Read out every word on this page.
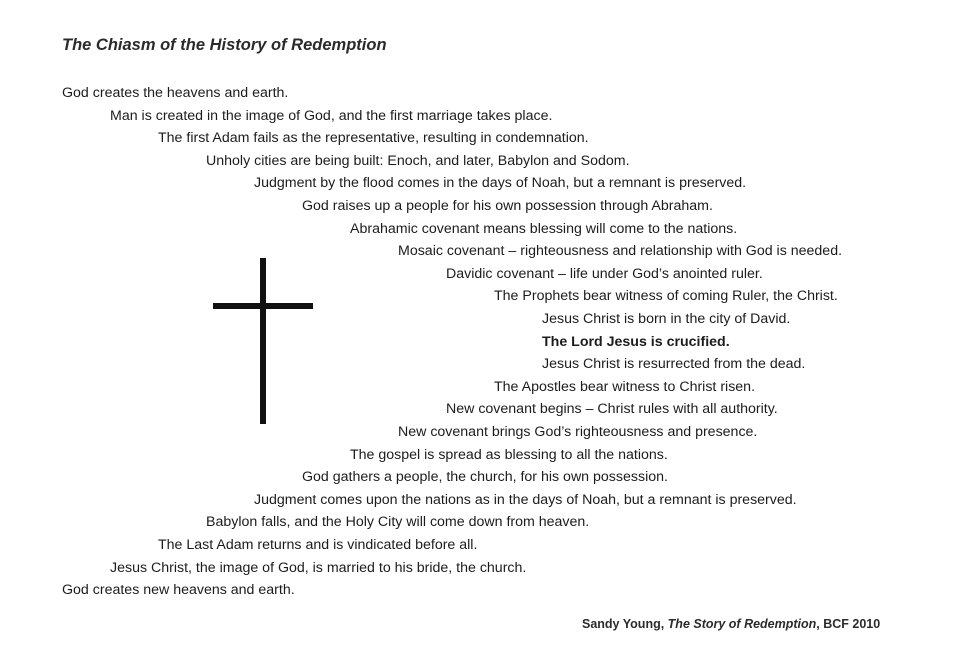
The Chiasm of the History of Redemption
God creates the heavens and earth.
Man is created in the image of God, and the first marriage takes place.
The first Adam fails as the representative, resulting in condemnation.
Unholy cities are being built: Enoch, and later, Babylon and Sodom.
Judgment by the flood comes in the days of Noah, but a remnant is preserved.
God raises up a people for his own possession through Abraham.
Abrahamic covenant means blessing will come to the nations.
Mosaic covenant – righteousness and relationship with God is needed.
Davidic covenant – life under God’s anointed ruler.
The Prophets bear witness of coming Ruler, the Christ.
Jesus Christ is born in the city of David.
The Lord Jesus is crucified.
Jesus Christ is resurrected from the dead.
The Apostles bear witness to Christ risen.
New covenant begins – Christ rules with all authority.
New covenant brings God’s righteousness and presence.
The gospel is spread as blessing to all the nations.
God gathers a people, the church, for his own possession.
Judgment comes upon the nations as in the days of Noah, but a remnant is preserved.
Babylon falls, and the Holy City will come down from heaven.
The Last Adam returns and is vindicated before all.
Jesus Christ, the image of God, is married to his bride, the church.
God creates new heavens and earth.
Sandy Young, The Story of Redemption, BCF 2010
